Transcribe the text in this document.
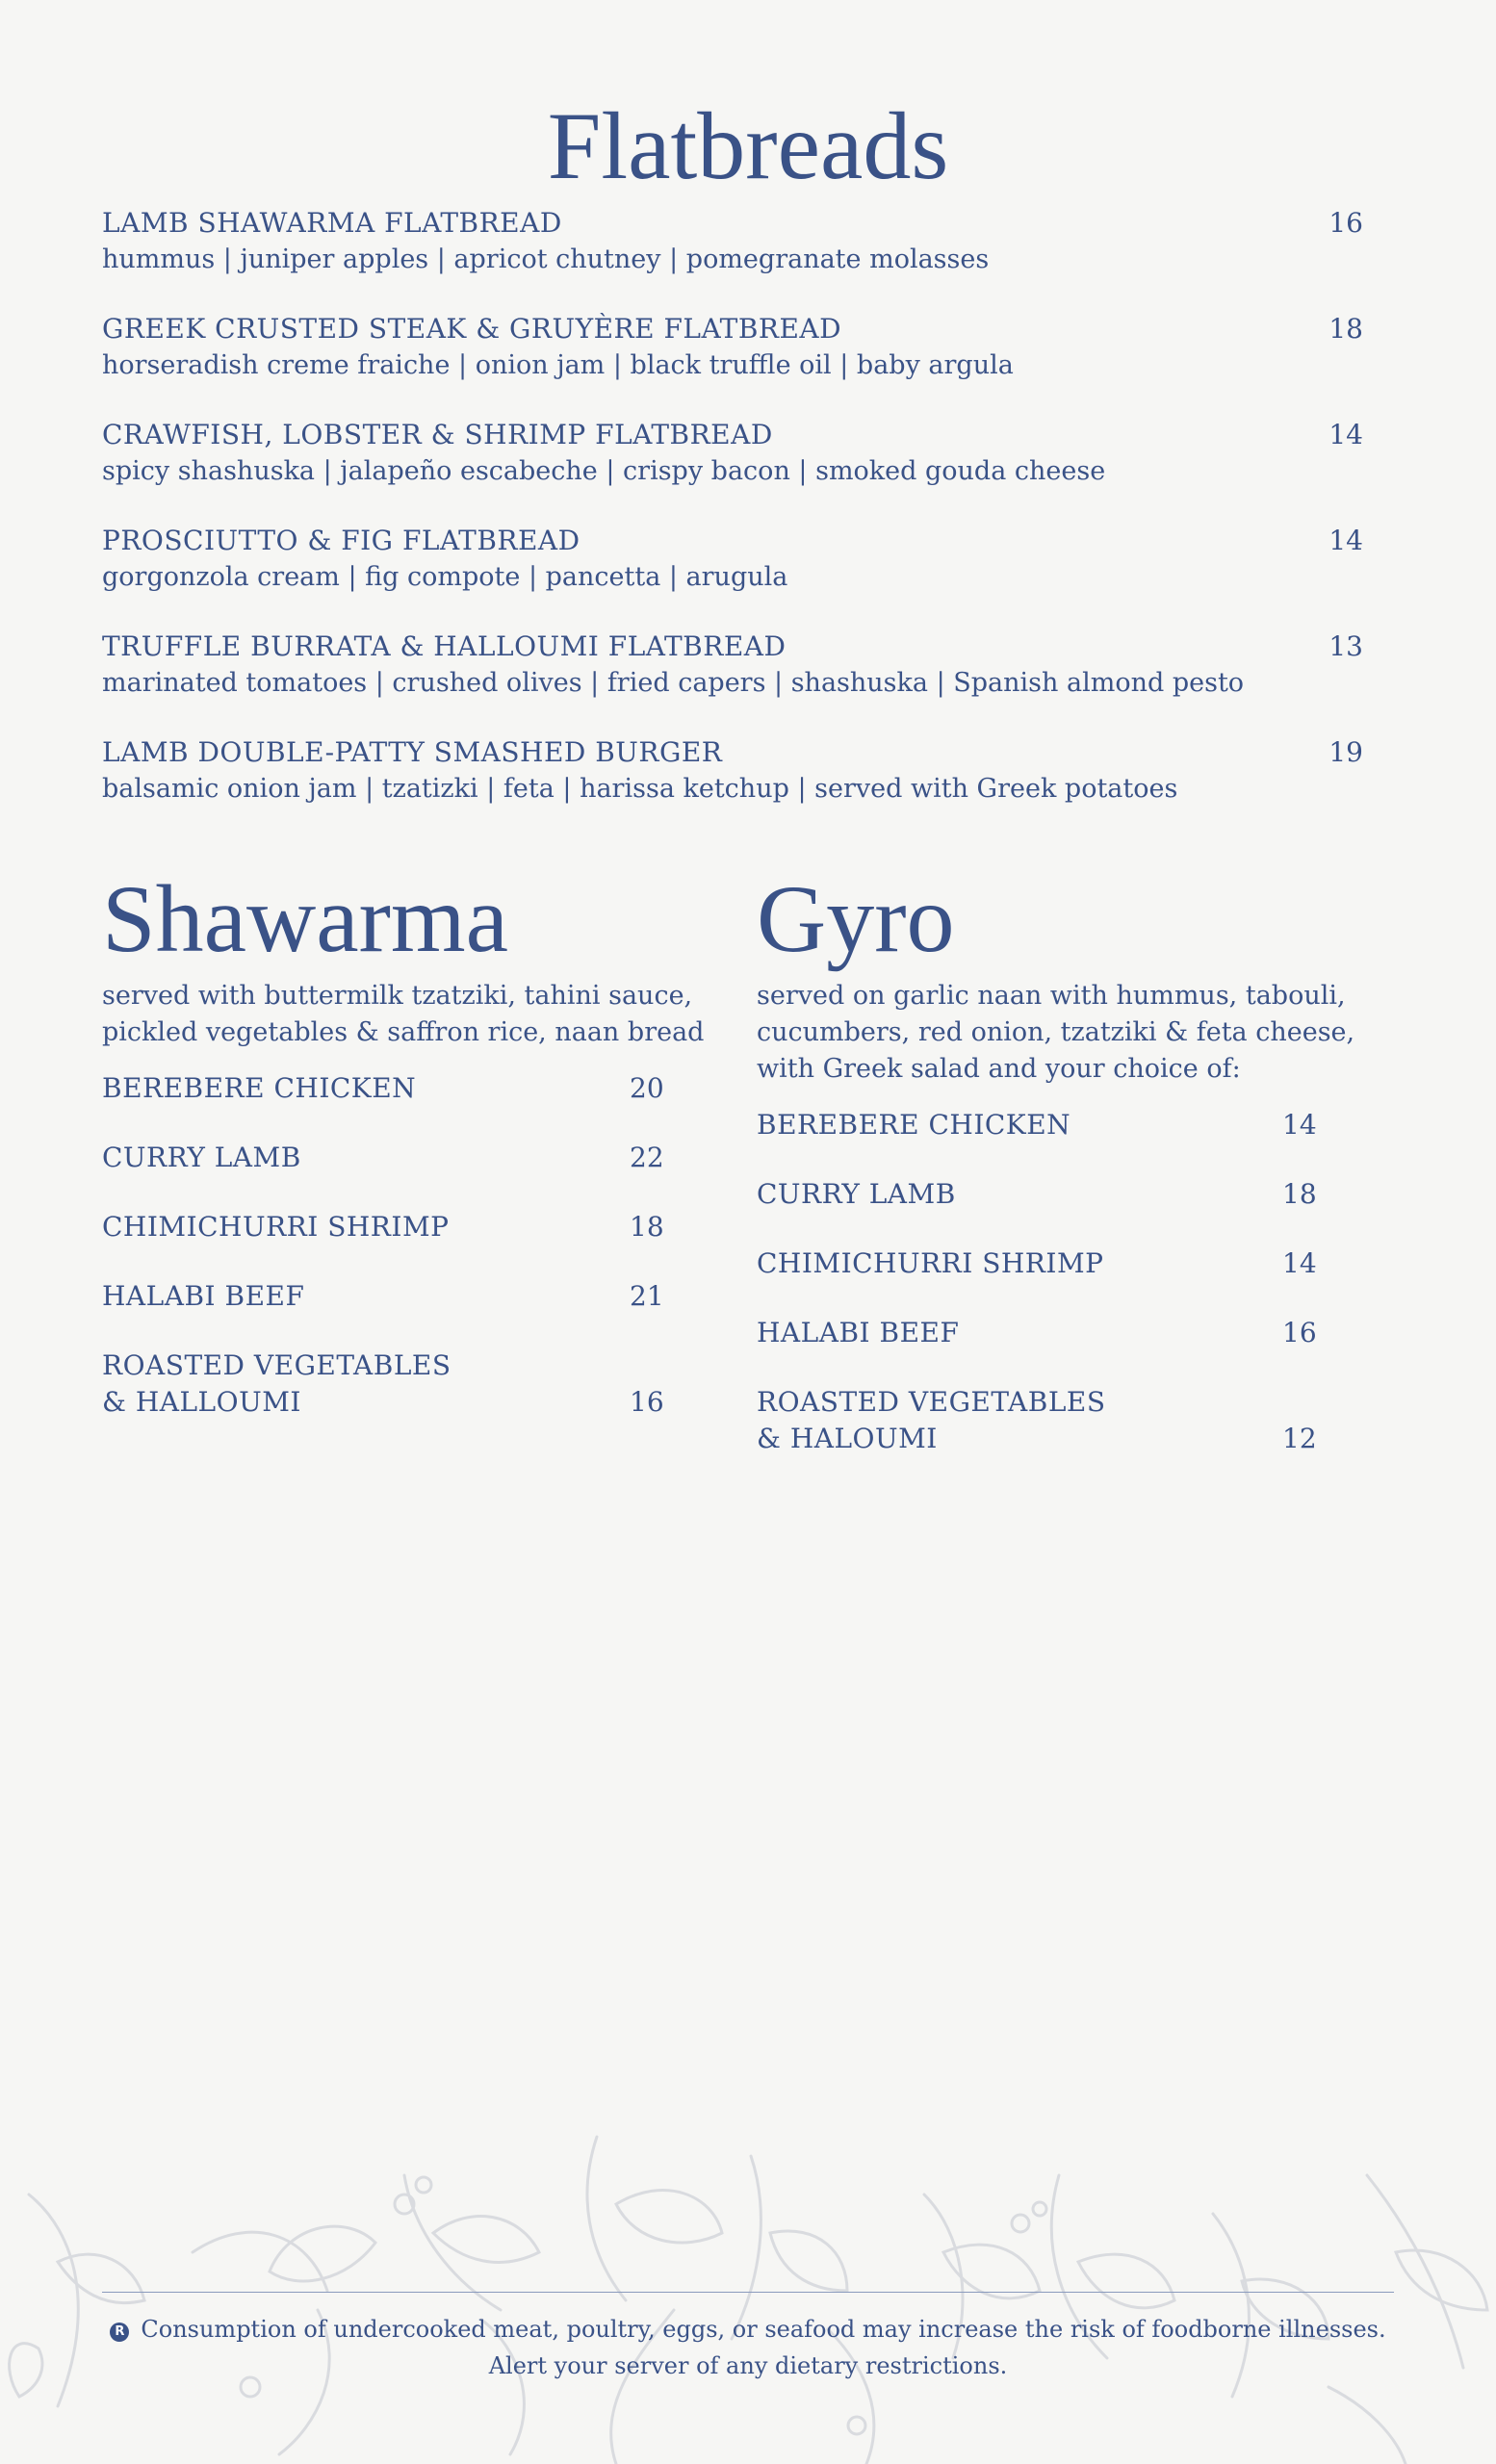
Flatbreads
LAMB SHAWARMA FLATBREAD	16
hummus | juniper apples | apricot chutney | pomegranate molasses
GREEK CRUSTED STEAK & GRUYÈRE FLATBREAD	18
horseradish creme fraiche | onion jam | black truffle oil | baby argula
CRAWFISH, LOBSTER & SHRIMP FLATBREAD	14
spicy shashuska | jalapeño escabeche | crispy bacon | smoked gouda cheese
PROSCIUTTO & FIG FLATBREAD	14
gorgonzola cream | fig compote | pancetta | arugula
TRUFFLE BURRATA & HALLOUMI FLATBREAD	13
marinated tomatoes | crushed olives | fried capers | shashuska | Spanish almond pesto
LAMB DOUBLE-PATTY SMASHED BURGER	19
balsamic onion jam | tzatizki | feta | harissa ketchup | served with Greek potatoes
Shawarma
served with buttermilk tzatziki, tahini sauce,
pickled vegetables & saffron rice, naan bread
BEREBERE CHICKEN	20
CURRY LAMB	22
CHIMICHURRI SHRIMP	18
HALABI BEEF	21
ROASTED VEGETABLES
& HALLOUMI	16
Gyro
served on garlic naan with hummus, tabouli,
cucumbers, red onion, tzatziki & feta cheese,
with Greek salad and your choice of:
BEREBERE CHICKEN	14
CURRY LAMB	18
CHIMICHURRI SHRIMP	14
HALABI BEEF	16
ROASTED VEGETABLES
& HALOUMI	12
R Consumption of undercooked meat, poultry, eggs, or seafood may increase the risk of foodborne illnesses.
Alert your server of any dietary restrictions.
